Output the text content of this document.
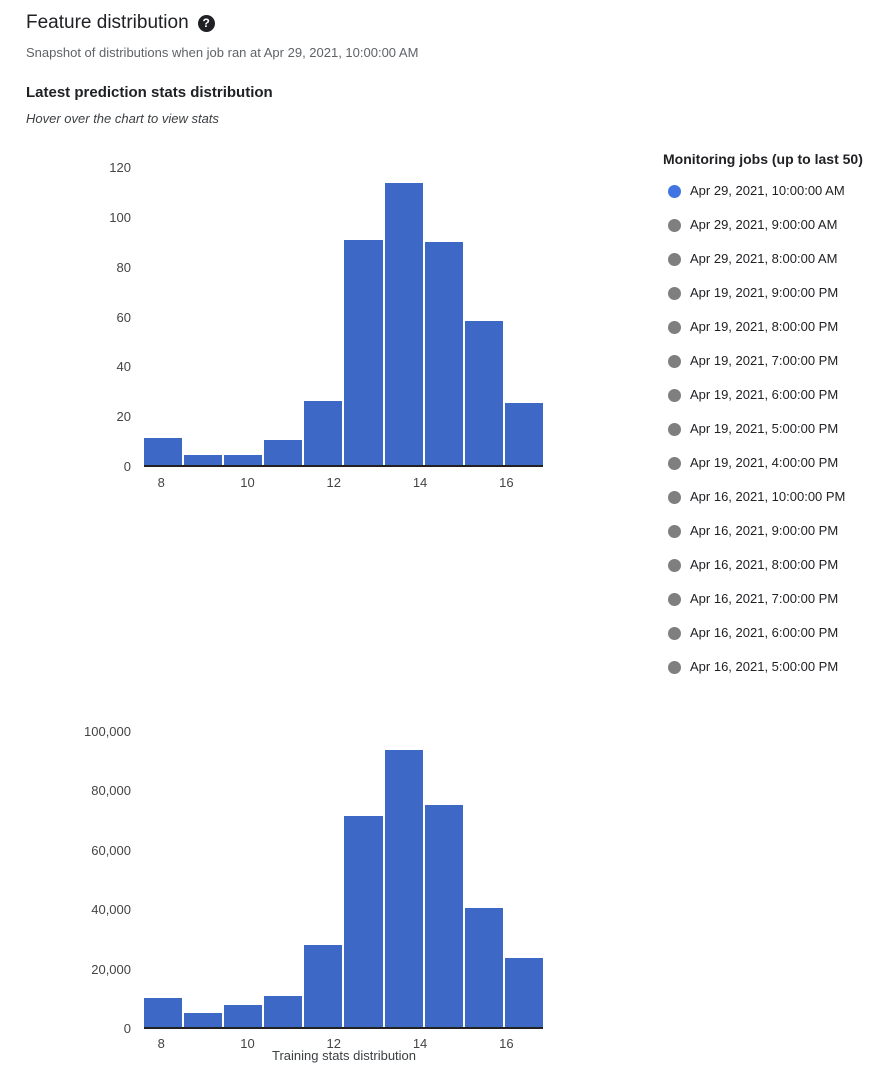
Feature distribution	?
Snapshot of distributions when job ran at Apr 29, 2021, 10:00:00 AM
Latest prediction stats distribution
Hover over the chart to view stats
Training stats distribution
0
20
40
60
80
100
120
8	10	12	14	16
0
20,000
40,000
60,000
80,000
100,000
8	10	12	14	16
Monitoring jobs (up to last 50)
Apr 29, 2021, 10:00:00 AM
Apr 29, 2021, 9:00:00 AM
Apr 29, 2021, 8:00:00 AM
Apr 19, 2021, 9:00:00 PM
Apr 19, 2021, 8:00:00 PM
Apr 19, 2021, 7:00:00 PM
Apr 19, 2021, 6:00:00 PM
Apr 19, 2021, 5:00:00 PM
Apr 19, 2021, 4:00:00 PM
Apr 16, 2021, 10:00:00 PM
Apr 16, 2021, 9:00:00 PM
Apr 16, 2021, 8:00:00 PM
Apr 16, 2021, 7:00:00 PM
Apr 16, 2021, 6:00:00 PM
Apr 16, 2021, 5:00:00 PM
